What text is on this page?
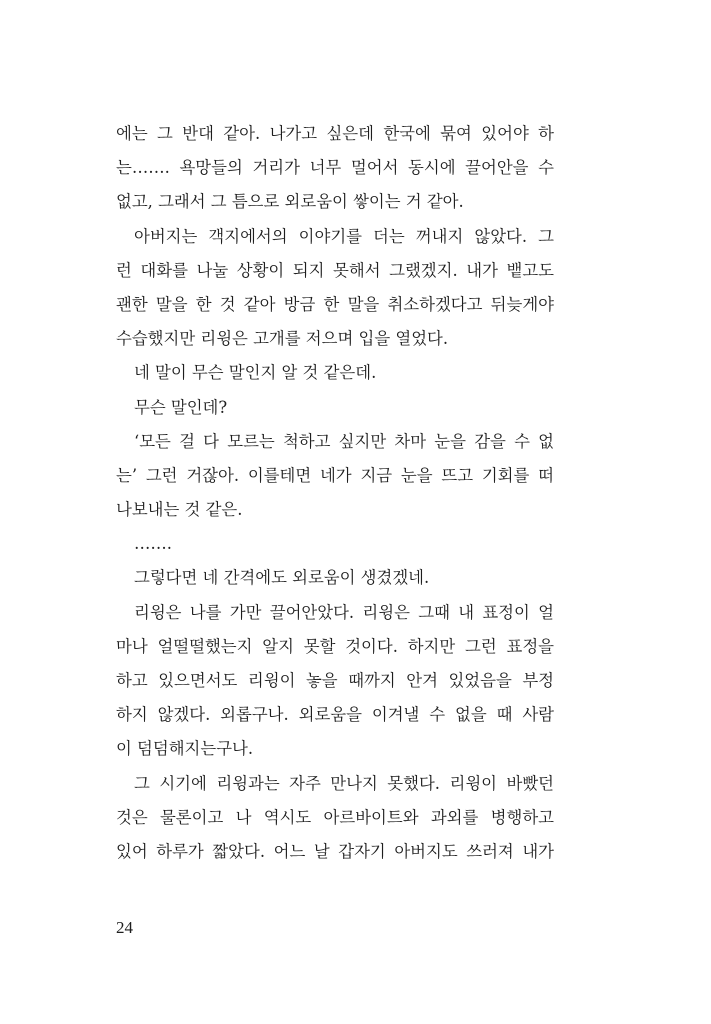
에는 그 반대 같아. 나가고 싶은데 한국에 묶여 있어야 하
는……. 욕망들의 거리가 너무 멀어서 동시에 끌어안을 수
없고, 그래서 그 틈으로 외로움이 쌓이는 거 같아.
아버지는 객지에서의 이야기를 더는 꺼내지 않았다. 그
런 대화를 나눌 상황이 되지 못해서 그랬겠지. 내가 뱉고도
괜한 말을 한 것 같아 방금 한 말을 취소하겠다고 뒤늦게야
수습했지만 리윙은 고개를 저으며 입을 열었다.
네 말이 무슨 말인지 알 것 같은데.
무슨 말인데?
‘모든 걸 다 모르는 척하고 싶지만 차마 눈을 감을 수 없
는’ 그런 거잖아. 이를테면 네가 지금 눈을 뜨고 기회를 떠
나보내는 것 같은.
…….
그렇다면 네 간격에도 외로움이 생겼겠네.
리윙은 나를 가만 끌어안았다. 리윙은 그때 내 표정이 얼
마나 얼떨떨했는지 알지 못할 것이다. 하지만 그런 표정을
하고 있으면서도 리윙이 놓을 때까지 안겨 있었음을 부정
하지 않겠다. 외롭구나. 외로움을 이겨낼 수 없을 때 사람
이 덤덤해지는구나.
그 시기에 리윙과는 자주 만나지 못했다. 리윙이 바빴던
것은 물론이고 나 역시도 아르바이트와 과외를 병행하고
있어 하루가 짧았다. 어느 날 갑자기 아버지도 쓰러져 내가
24
